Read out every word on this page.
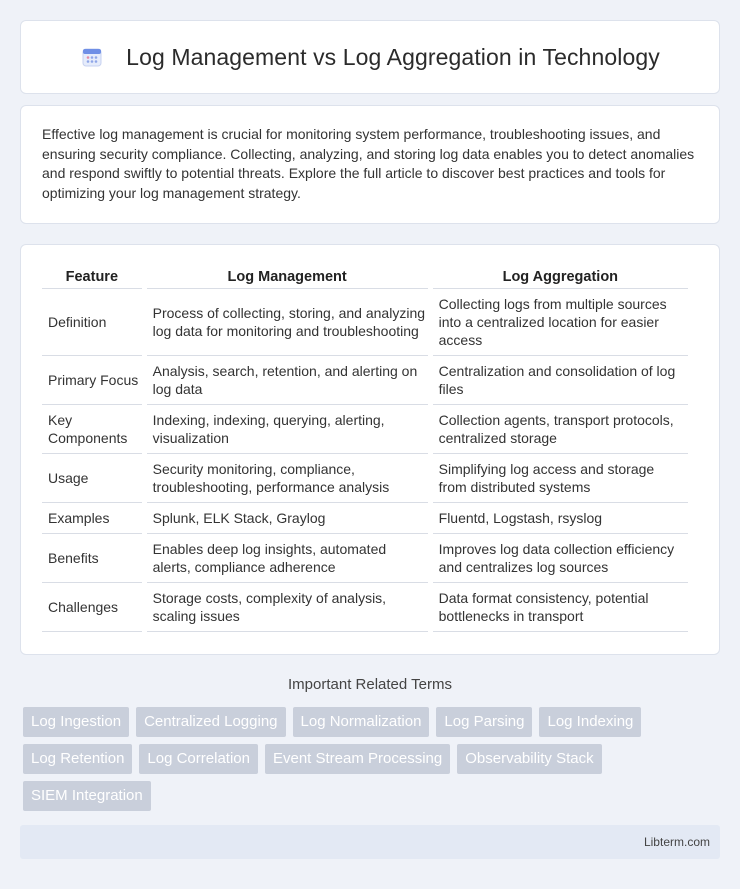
Log Management vs Log Aggregation in Technology

Effective log management is crucial for monitoring system performance, troubleshooting issues, and ensuring security compliance. Collecting, analyzing, and storing log data enables you to detect anomalies and respond swiftly to potential threats. Explore the full article to discover best practices and tools for optimizing your log management strategy.

Feature	Log Management	Log Aggregation
Definition	Process of collecting, storing, and analyzing log data for monitoring and troubleshooting	Collecting logs from multiple sources into a centralized location for easier access
Primary Focus	Analysis, search, retention, and alerting on log data	Centralization and consolidation of log files
Key Components	Indexing, indexing, querying, alerting, visualization	Collection agents, transport protocols, centralized storage
Usage	Security monitoring, compliance, troubleshooting, performance analysis	Simplifying log access and storage from distributed systems
Examples	Splunk, ELK Stack, Graylog	Fluentd, Logstash, rsyslog
Benefits	Enables deep log insights, automated alerts, compliance adherence	Improves log data collection efficiency and centralizes log sources
Challenges	Storage costs, complexity of analysis, scaling issues	Data format consistency, potential bottlenecks in transport
Important Related Terms
Log Ingestion	Centralized Logging	Log Normalization	Log Parsing	Log Indexing
Log Retention	Log Correlation	Event Stream Processing	Observability Stack
SIEM Integration
Libterm.com
